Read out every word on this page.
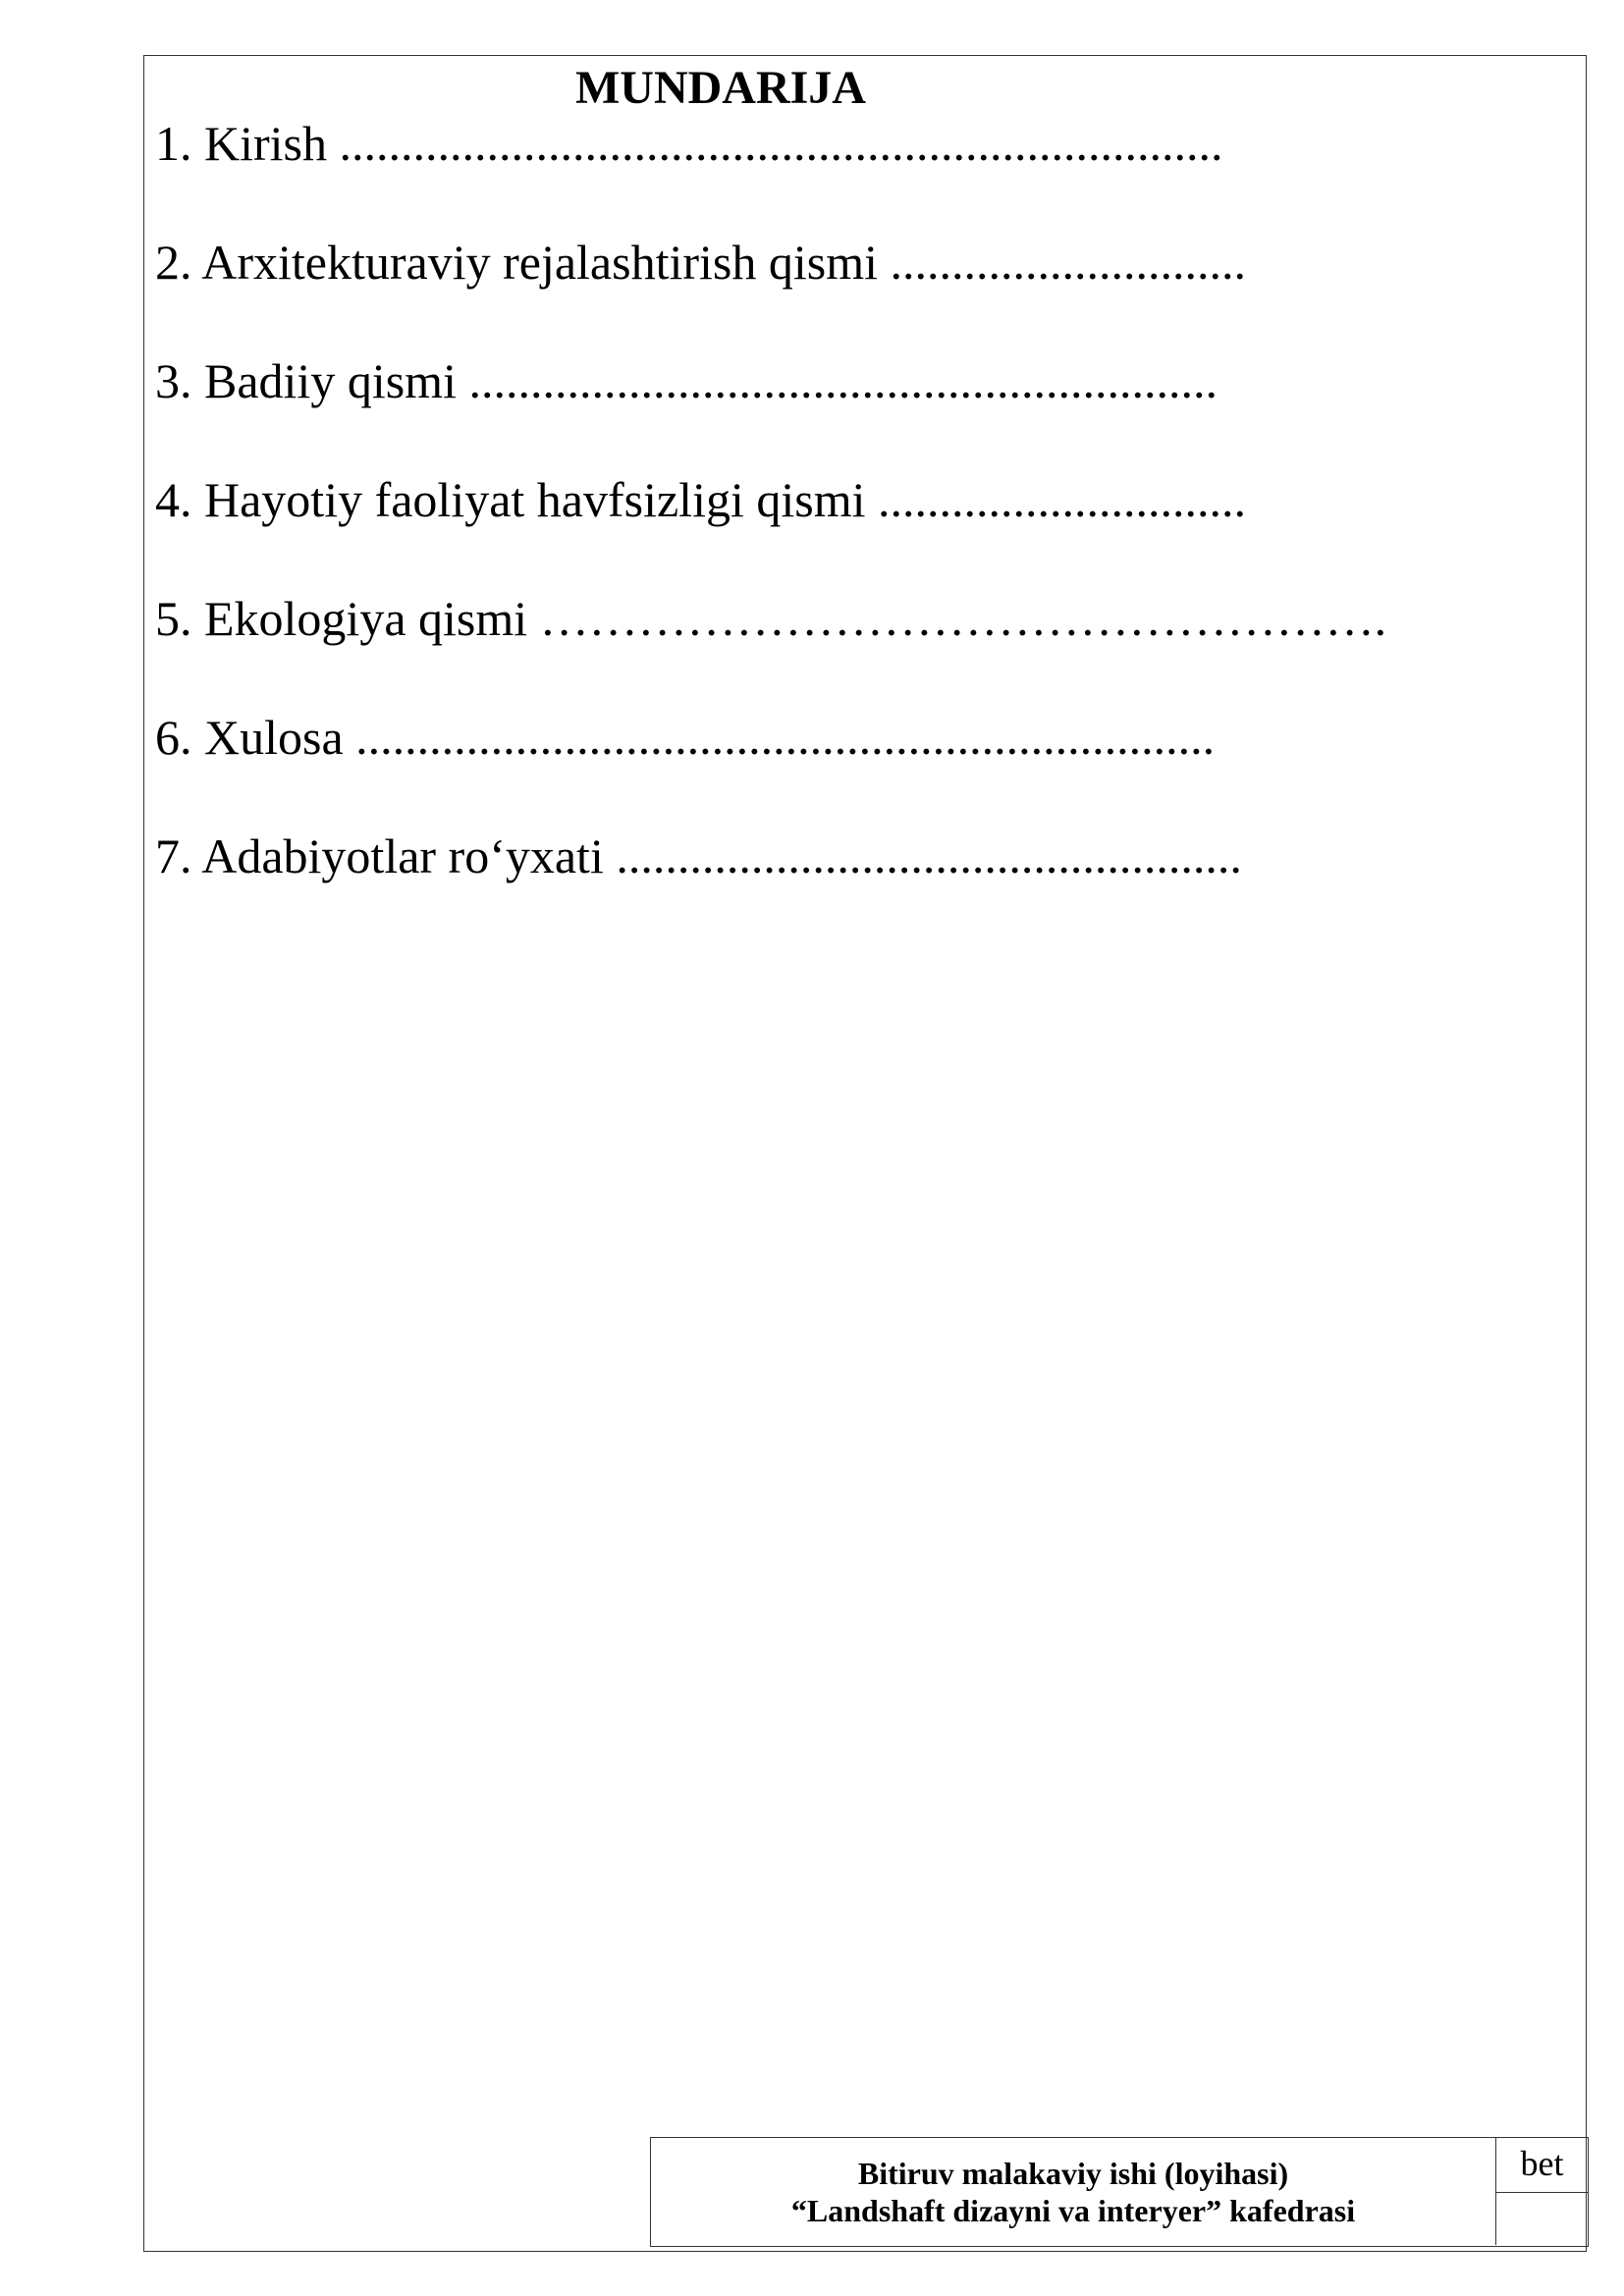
MUNDARIJA
1. Kirish ........................................................................
2. Arxitekturaviy rejalashtirish qismi .............................
3. Badiiy qismi .............................................................
4. Hayotiy faoliyat havfsizligi qismi ..............................
5. Ekologiya qismi …………………………………………….
6. Xulosa ......................................................................
7. Adabiyotlar ro‘yxati ...................................................
Bitiruv malakaviy ishi (loyihasi)
“Landshaft dizayni va interyer” kafedrasi
bet
